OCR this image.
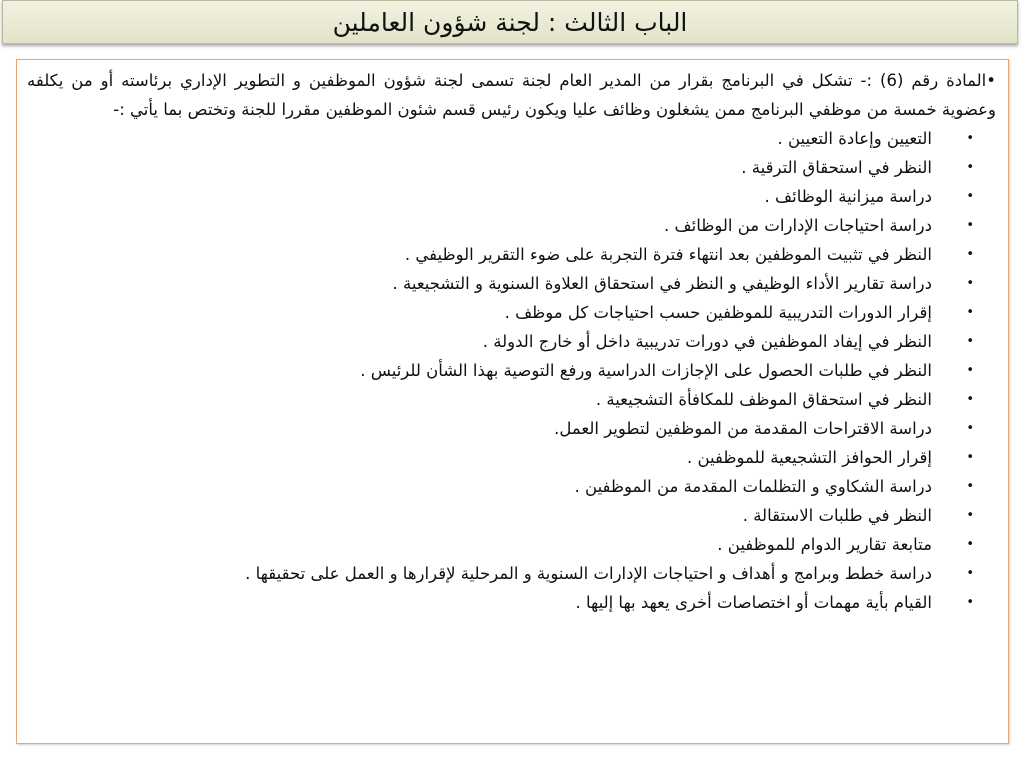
الباب الثالث : لجنة شؤون العاملين

•المادة رقم (6) :- تشكل في البرنامج بقرار من المدير العام لجنة تسمى لجنة شؤون الموظفين و التطوير الإداري برئاسته أو من يكلفه وعضوية خمسة من موظفي البرنامج ممن يشغلون وظائف عليا ويكون رئيس قسم شئون الموظفين مقررا للجنة وتختص بما يأتي :-

•
التعيين وإعادة التعيين .
•
النظر في استحقاق الترقية .
•
دراسة ميزانية الوظائف .
•
دراسة احتياجات الإدارات من الوظائف .
•
النظر في تثبيت الموظفين بعد انتهاء فترة التجربة على ضوء التقرير الوظيفي .
•
دراسة تقارير الأداء الوظيفي و النظر في استحقاق العلاوة السنوية و التشجيعية .
•
إقرار الدورات التدريبية للموظفين حسب احتياجات كل موظف .
•
النظر في إيفاد الموظفين في دورات تدريبية داخل أو خارج الدولة .
•
النظر في طلبات الحصول على الإجازات الدراسية ورفع التوصية بهذا الشأن للرئيس .
•
النظر في استحقاق الموظف للمكافأة التشجيعية .
•
دراسة الاقتراحات المقدمة من الموظفين لتطوير العمل.
•
إقرار الحوافز التشجيعية للموظفين .
•
دراسة الشكاوي و التظلمات المقدمة من الموظفين .
•
النظر في طلبات الاستقالة .
•
متابعة تقارير الدوام للموظفين .
•
دراسة خطط وبرامج و أهداف و احتياجات الإدارات السنوية و المرحلية لإقرارها و العمل على تحقيقها .
•
القيام بأية مهمات أو اختصاصات أخرى يعهد بها إليها .
